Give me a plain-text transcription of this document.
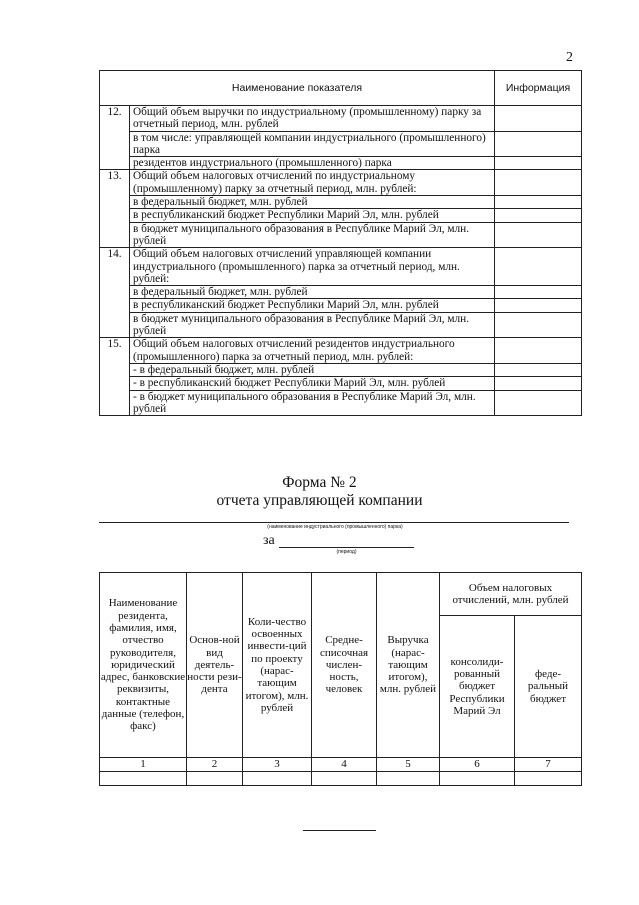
2
Наименование показателя		Информация
12.	Общий объем выручки по индустриальному (промышленному) парку за отчетный период, млн. рублей	
	в том числе: управляющей компании индустриального (промышленного) парка	
	резидентов индустриального (промышленного) парка	
13.	Общий объем налоговых отчислений по индустриальному (промышленному) парку за отчетный период, млн. рублей:	
	в федеральный бюджет, млн. рублей	
	в республиканский бюджет Республики Марий Эл, млн. рублей	
	в бюджет муниципального образования в Республике Марий Эл, млн. рублей	
14.	Общий объем налоговых отчислений управляющей компании индустриального (промышленного) парка за отчетный период, млн. рублей:	
	в федеральный бюджет, млн. рублей	
	в республиканский бюджет Республики Марий Эл, млн. рублей	
	в бюджет муниципального образования в Республике Марий Эл, млн. рублей	
15.	Общий объем налоговых отчислений резидентов индустриального (промышленного) парка за отчетный период, млн. рублей:	
	- в федеральный бюджет, млн. рублей	
	- в республиканский бюджет Республики Марий Эл, млн. рублей	
	- в бюджет муниципального образования в Республике Марий Эл, млн. рублей	
Форма № 2
отчета управляющей компании
(наименование индустриального (промышленного) парка)
за
(период)
Наименование резидента, фамилия, имя, отчество руководителя, юридический адрес, банковские реквизиты, контактные данные (телефон, факс)	Основ-ной вид деятель-ности рези-дента	Коли-чество освоенных инвести-ций по проекту (нарас-тающим итогом), млн. рублей	Средне-списочная числен-ность, человек	Выручка (нарас-тающим итогом), млн. рублей	Объем налоговых отчислений, млн. рублей	
					консолиди-рованный бюджет Республики Марий Эл	феде-ральный бюджет
1	2	3	4	5	6	7
